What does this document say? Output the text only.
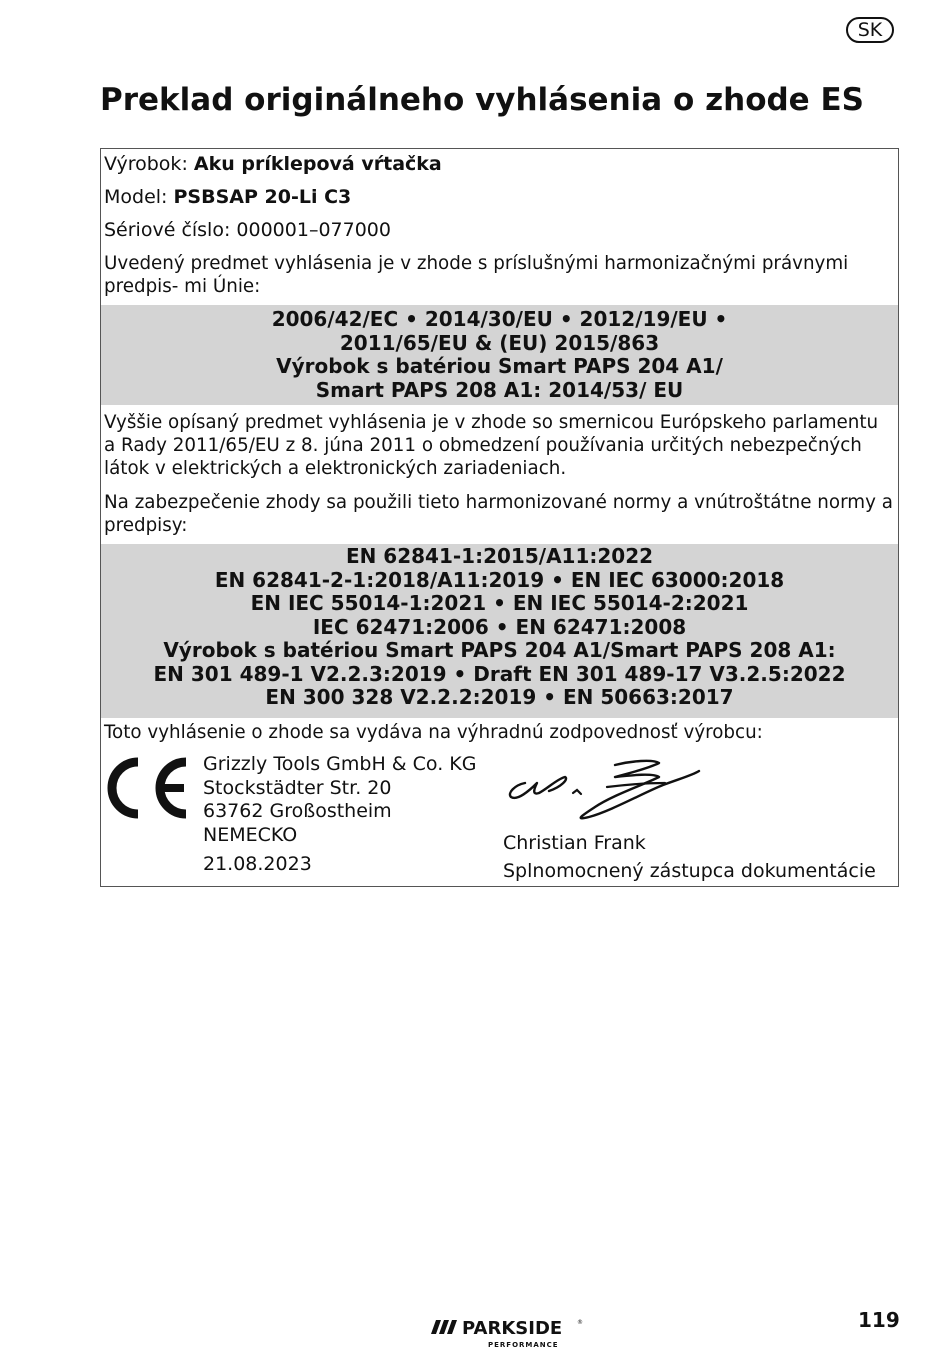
SK
Preklad originálneho vyhlásenia o zhode ES
Výrobok: Aku príklepová vŕtačka
Model: PSBSAP 20-Li C3
Sériové číslo: 000001–077000
Uvedený predmet vyhlásenia je v zhode s príslušnými harmonizačnými právnymi predpis- mi Únie:
2006/42/EC • 2014/30/EU • 2012/19/EU •
2011/65/EU & (EU) 2015/863
Výrobok s batériou Smart PAPS 204 A1/
Smart PAPS 208 A1: 2014/53/ EU
Vyššie opísaný predmet vyhlásenia je v zhode so smernicou Európskeho parlamentu a Rady 2011/65/EU z 8. júna 2011 o obmedzení používania určitých nebezpečných látok v elektrických a elektronických zariadeniach.
Na zabezpečenie zhody sa použili tieto harmonizované normy a vnútroštátne normy a predpisy:
EN 62841-1:2015/A11:2022
EN 62841-2-1:2018/A11:2019 • EN IEC 63000:2018
EN IEC 55014-1:2021 • EN IEC 55014-2:2021
IEC 62471:2006 • EN 62471:2008
Výrobok s batériou Smart PAPS 204 A1/Smart PAPS 208 A1:
EN 301 489-1 V2.2.3:2019 • Draft EN 301 489-17 V3.2.5:2022
EN 300 328 V2.2.2:2019 • EN 50663:2017
Toto vyhlásenie o zhode sa vydáva na výhradnú zodpovednosť výrobcu:
Grizzly Tools GmbH & Co. KG
Stockstädter Str. 20
63762 Großostheim
NEMECKO
21.08.2023
Christian Frank
Splnomocnený zástupca dokumentácie
PARKSIDE ®
PERFORMANCE
119
